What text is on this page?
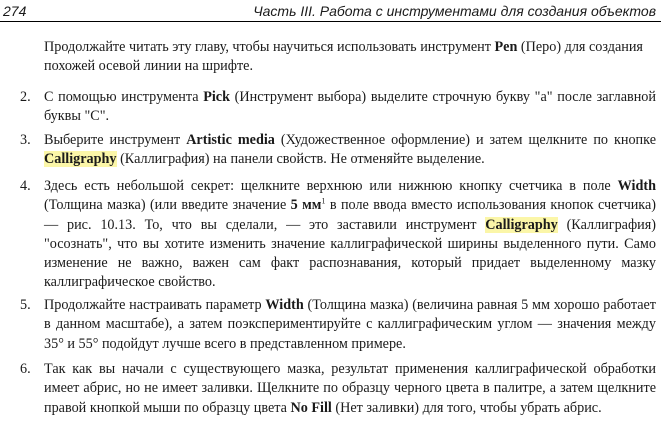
274	Часть III. Работа с инструментами для создания объектов
Продолжайте читать эту главу, чтобы научиться использовать инструмент Pen (Перо) для создания похожей осевой линии на шрифте.
2. С помощью инструмента Pick (Инструмент выбора) выделите строчную букву "а" после заглавной буквы "С".
3. Выберите инструмент Artistic media (Художественное оформление) и затем щелкните по кнопке Calligraphy (Каллиграфия) на панели свойств. Не отменяйте выделение.
4. Здесь есть небольшой секрет: щелкните верхнюю или нижнюю кнопку счетчика в поле Width (Толщина мазка) (или введите значение 5 $мм^1$ в поле ввода вместо использования кнопок счетчика) — рис. 10.13. То, что вы сделали, — это заставили инструмент Calligraphy (Каллиграфия) "осознать", что вы хотите изменить значение каллиграфической ширины выделенного пути. Само изменение не важно, важен сам факт распознавания, который придает выделенному мазку каллиграфическое свойство.
5. Продолжайте настраивать параметр Width (Толщина мазка) (величина равная 5 мм хорошо работает в данном масштабе), а затем поэкспериментируйте с каллиграфическим углом — значения между 35° и 55° подойдут лучше всего в представленном примере.
6. Так как вы начали с существующего мазка, результат применения каллиграфической обработки имеет абрис, но не имеет заливки. Щелкните по образцу черного цвета в палитре, а затем щелкните правой кнопкой мыши по образцу цвета No Fill (Нет заливки) для того, чтобы убрать абрис.
